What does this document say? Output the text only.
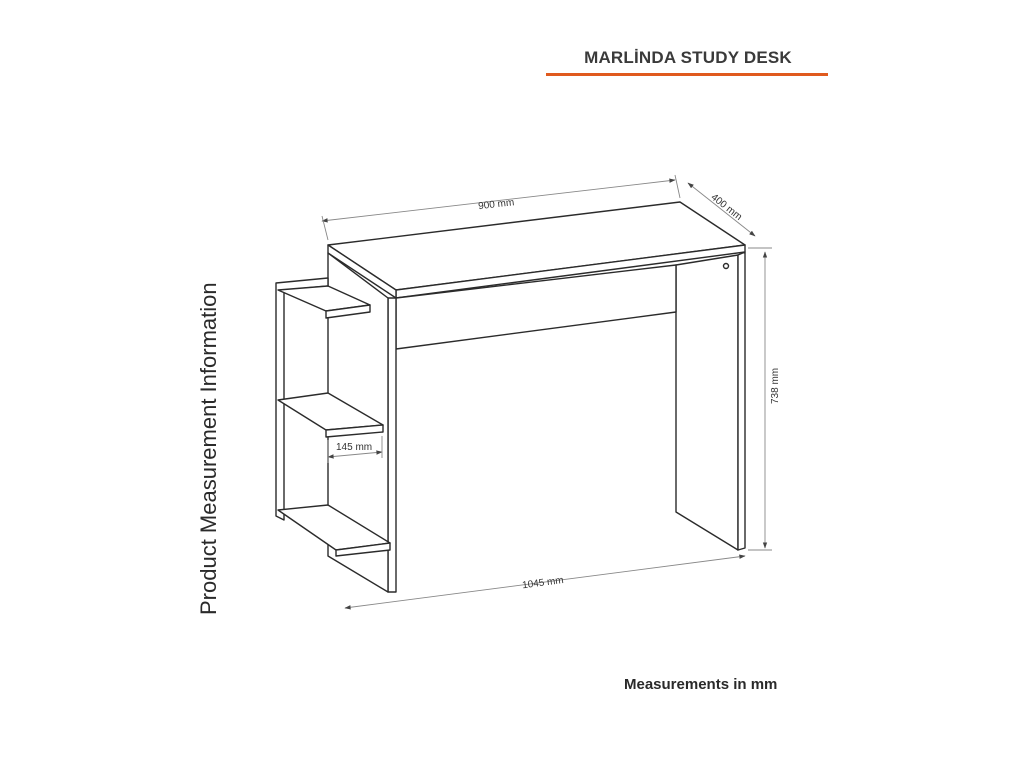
MARLİNDA STUDY DESK
Product Measurement Information
Measurements in mm
900 mm	400 mm
738 mm
145 mm
1045 mm
